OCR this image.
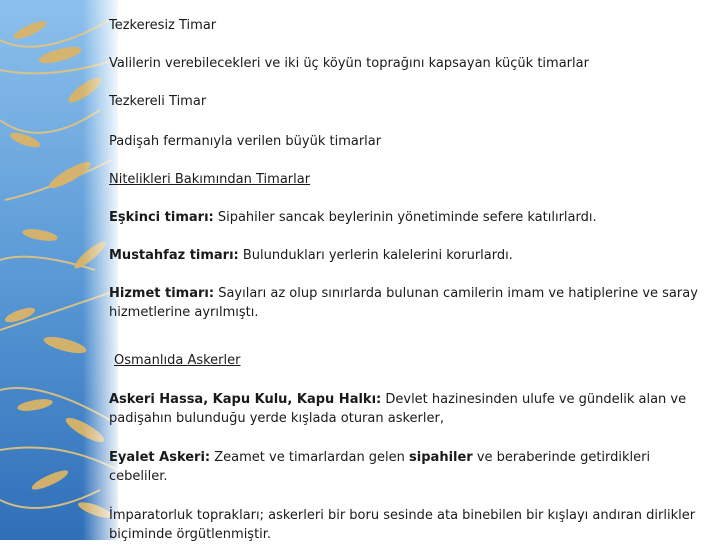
Tezkeresiz Timar
Valilerin verebilecekleri ve iki üç köyün toprağını kapsayan küçük timarlar
Tezkereli Timar
Padişah fermanıyla verilen büyük timarlar
Nitelikleri Bakımından Timarlar
Eşkinci timarı: Sipahiler sancak beylerinin yönetiminde sefere katılırlardı.
Mustahfaz timarı: Bulundukları yerlerin kalelerini korurlardı.
Hizmet timarı: Sayıları az olup sınırlarda bulunan camilerin imam ve hatiplerine ve saray hizmetlerine ayrılmıştı.
Osmanlıda Askerler
Askeri Hassa, Kapu Kulu, Kapu Halkı: Devlet hazinesinden ulufe ve gündelik alan ve padişahın bulunduğu yerde kışlada oturan askerler,
Eyalet Askeri: Zeamet ve timarlardan gelen sipahiler ve beraberinde getirdikleri cebeliler.
İmparatorluk toprakları; askerleri bir boru sesinde ata binebilen bir kışlayı andıran dirlikler biçiminde örgütlenmiştir.
